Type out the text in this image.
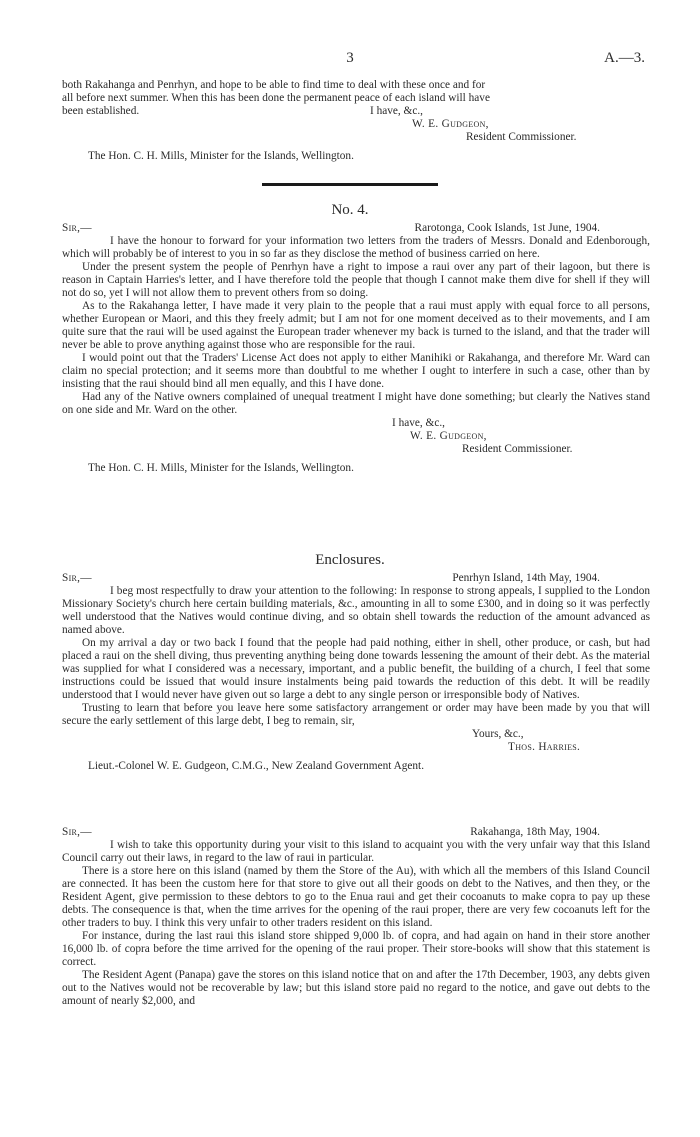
3	A.—3.

both Rakahanga and Penrhyn, and hope to be able to find time to deal with these once and for

all before next summer. When this has been done the permanent peace of each island will have

been established.	I have, &c.,
W. E. Gudgeon,
Resident Commissioner.

The Hon. C. H. Mills, Minister for the Islands, Wellington.

No. 4.
Sir,—	Rarotonga, Cook Islands, 1st June, 1904.

I have the honour to forward for your information two letters from the traders of Messrs. Donald and Edenborough, which will probably be of interest to you in so far as they disclose the method of business carried on here.

Under the present system the people of Penrhyn have a right to impose a raui over any part of their lagoon, but there is reason in Captain Harries's letter, and I have therefore told the people that though I cannot make them dive for shell if they will not do so, yet I will not allow them to prevent others from so doing.

As to the Rakahanga letter, I have made it very plain to the people that a raui must apply with equal force to all persons, whether European or Maori, and this they freely admit; but I am not for one moment deceived as to their movements, and I am quite sure that the raui will be used against the European trader whenever my back is turned to the island, and that the trader will never be able to prove anything against those who are responsible for the raui.

I would point out that the Traders' License Act does not apply to either Manihiki or Rakahanga, and therefore Mr. Ward can claim no special protection; and it seems more than doubtful to me whether I ought to interfere in such a case, other than by insisting that the raui should bind all men equally, and this I have done.

Had any of the Native owners complained of unequal treatment I might have done something; but clearly the Natives stand on one side and Mr. Ward on the other.

I have, &c.,
W. E. Gudgeon,
Resident Commissioner.

The Hon. C. H. Mills, Minister for the Islands, Wellington.

Enclosures.
Sir,—	Penrhyn Island, 14th May, 1904.

I beg most respectfully to draw your attention to the following: In response to strong appeals, I supplied to the London Missionary Society's church here certain building materials, &c., amounting in all to some £300, and in doing so it was perfectly well understood that the Natives would continue diving, and so obtain shell towards the reduction of the amount advanced as named above.

On my arrival a day or two back I found that the people had paid nothing, either in shell, other produce, or cash, but had placed a raui on the shell diving, thus preventing anything being done towards lessening the amount of their debt. As the material was supplied for what I considered was a necessary, important, and a public benefit, the building of a church, I feel that some instructions could be issued that would insure instalments being paid towards the reduction of this debt. It will be readily understood that I would never have given out so large a debt to any single person or irresponsible body of Natives.

Trusting to learn that before you leave here some satisfactory arrangement or order may have been made by you that will secure the early settlement of this large debt, I beg to remain, sir,

Yours, &c.,
Thos. Harries.

Lieut.-Colonel W. E. Gudgeon, C.M.G., New Zealand Government Agent.

Sir,—	Rakahanga, 18th May, 1904.

I wish to take this opportunity during your visit to this island to acquaint you with the very unfair way that this Island Council carry out their laws, in regard to the law of raui in particular.

There is a store here on this island (named by them the Store of the Au), with which all the members of this Island Council are connected. It has been the custom here for that store to give out all their goods on debt to the Natives, and then they, or the Resident Agent, give permission to these debtors to go to the Enua raui and get their cocoanuts to make copra to pay up these debts. The consequence is that, when the time arrives for the opening of the raui proper, there are very few cocoanuts left for the other traders to buy. I think this very unfair to other traders resident on this island.

For instance, during the last raui this island store shipped 9,000 lb. of copra, and had again on hand in their store another 16,000 lb. of copra before the time arrived for the opening of the raui proper. Their store-books will show that this statement is correct.

The Resident Agent (Panapa) gave the stores on this island notice that on and after the 17th December, 1903, any debts given out to the Natives would not be recoverable by law; but this island store paid no regard to the notice, and gave out debts to the amount of nearly $2,000, and
